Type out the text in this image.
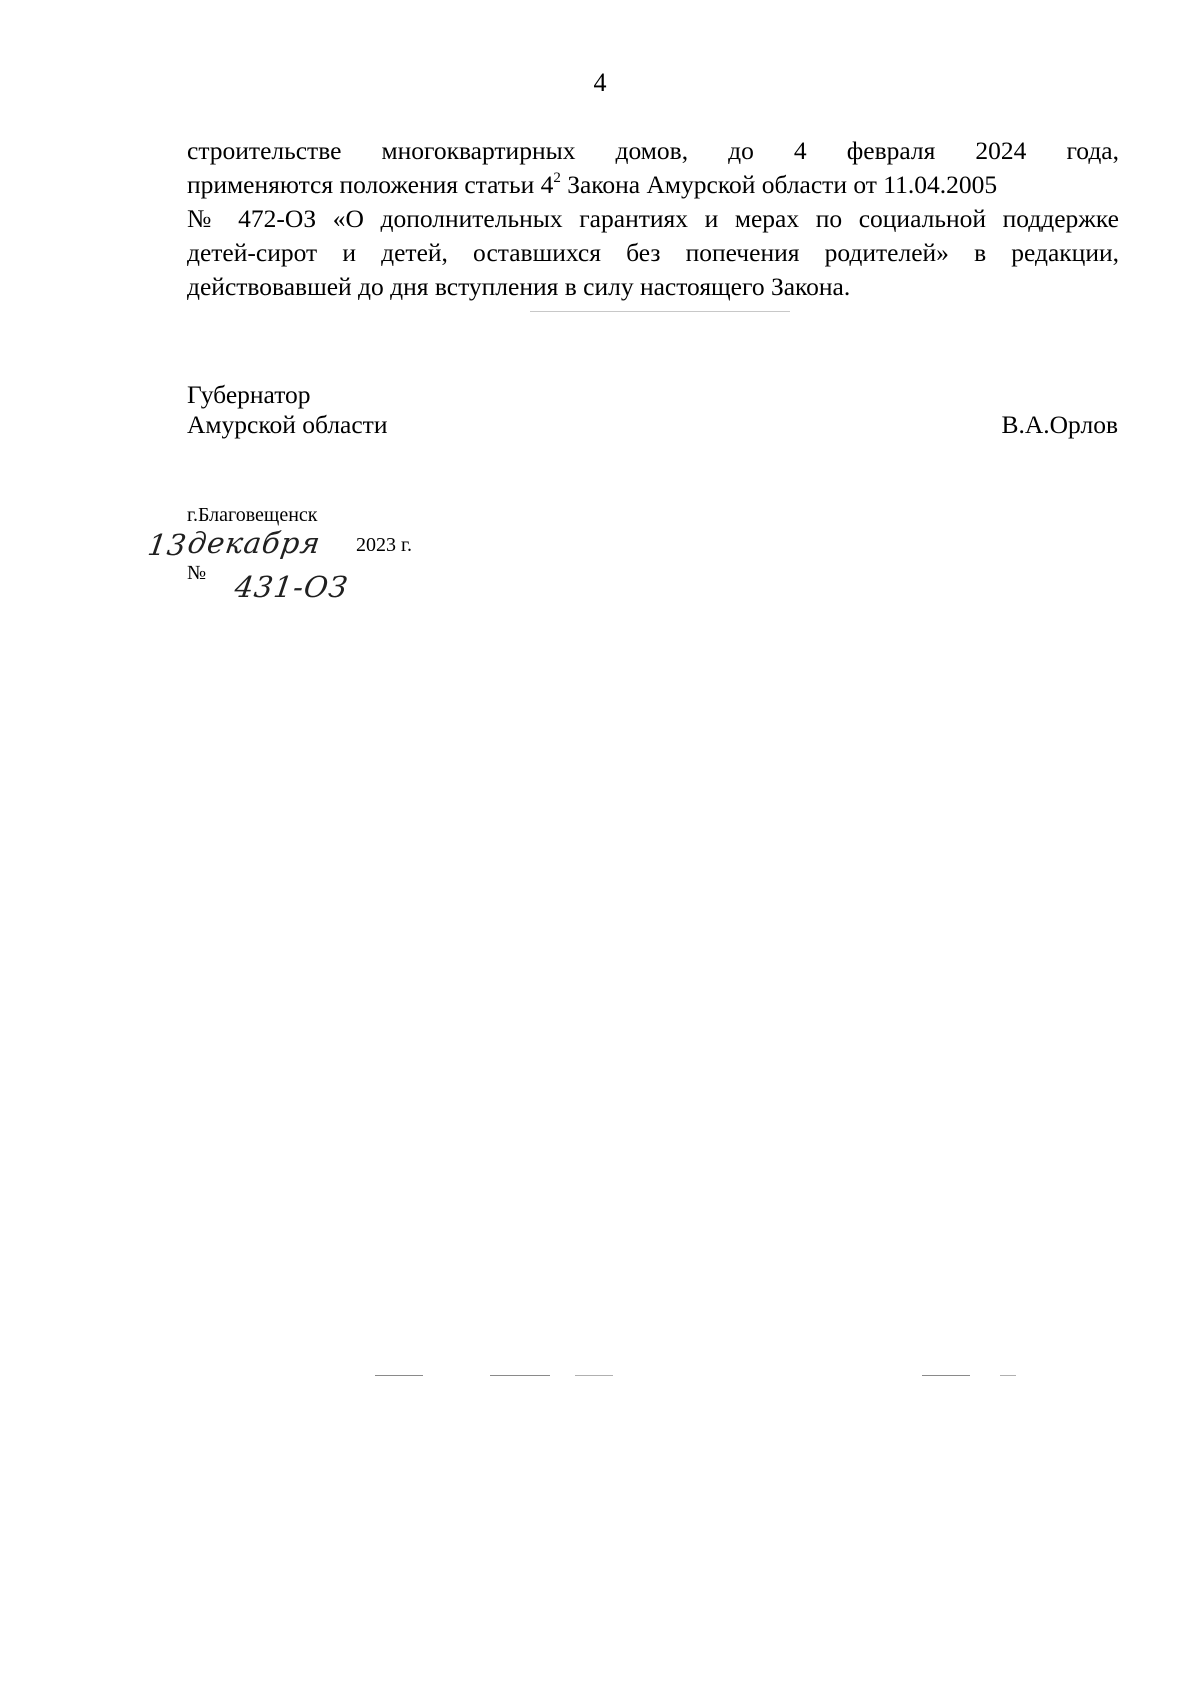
4
строительстве многоквартирных домов, до 4 февраля 2024 года,
применяются положения статьи $4^2$ Закона Амурской области от 11.04.2005
№ 472-ОЗ «О дополнительных гарантиях и мерах по социальной поддержке
детей-сирот и детей, оставшихся без попечения родителей» в редакции,
действовавшей до дня вступления в силу настоящего Закона.
Губернатор
Амурской области	В.А.Орлов
г.Благовещенск
13
декабря 2023 г.
№ 431-ОЗ
